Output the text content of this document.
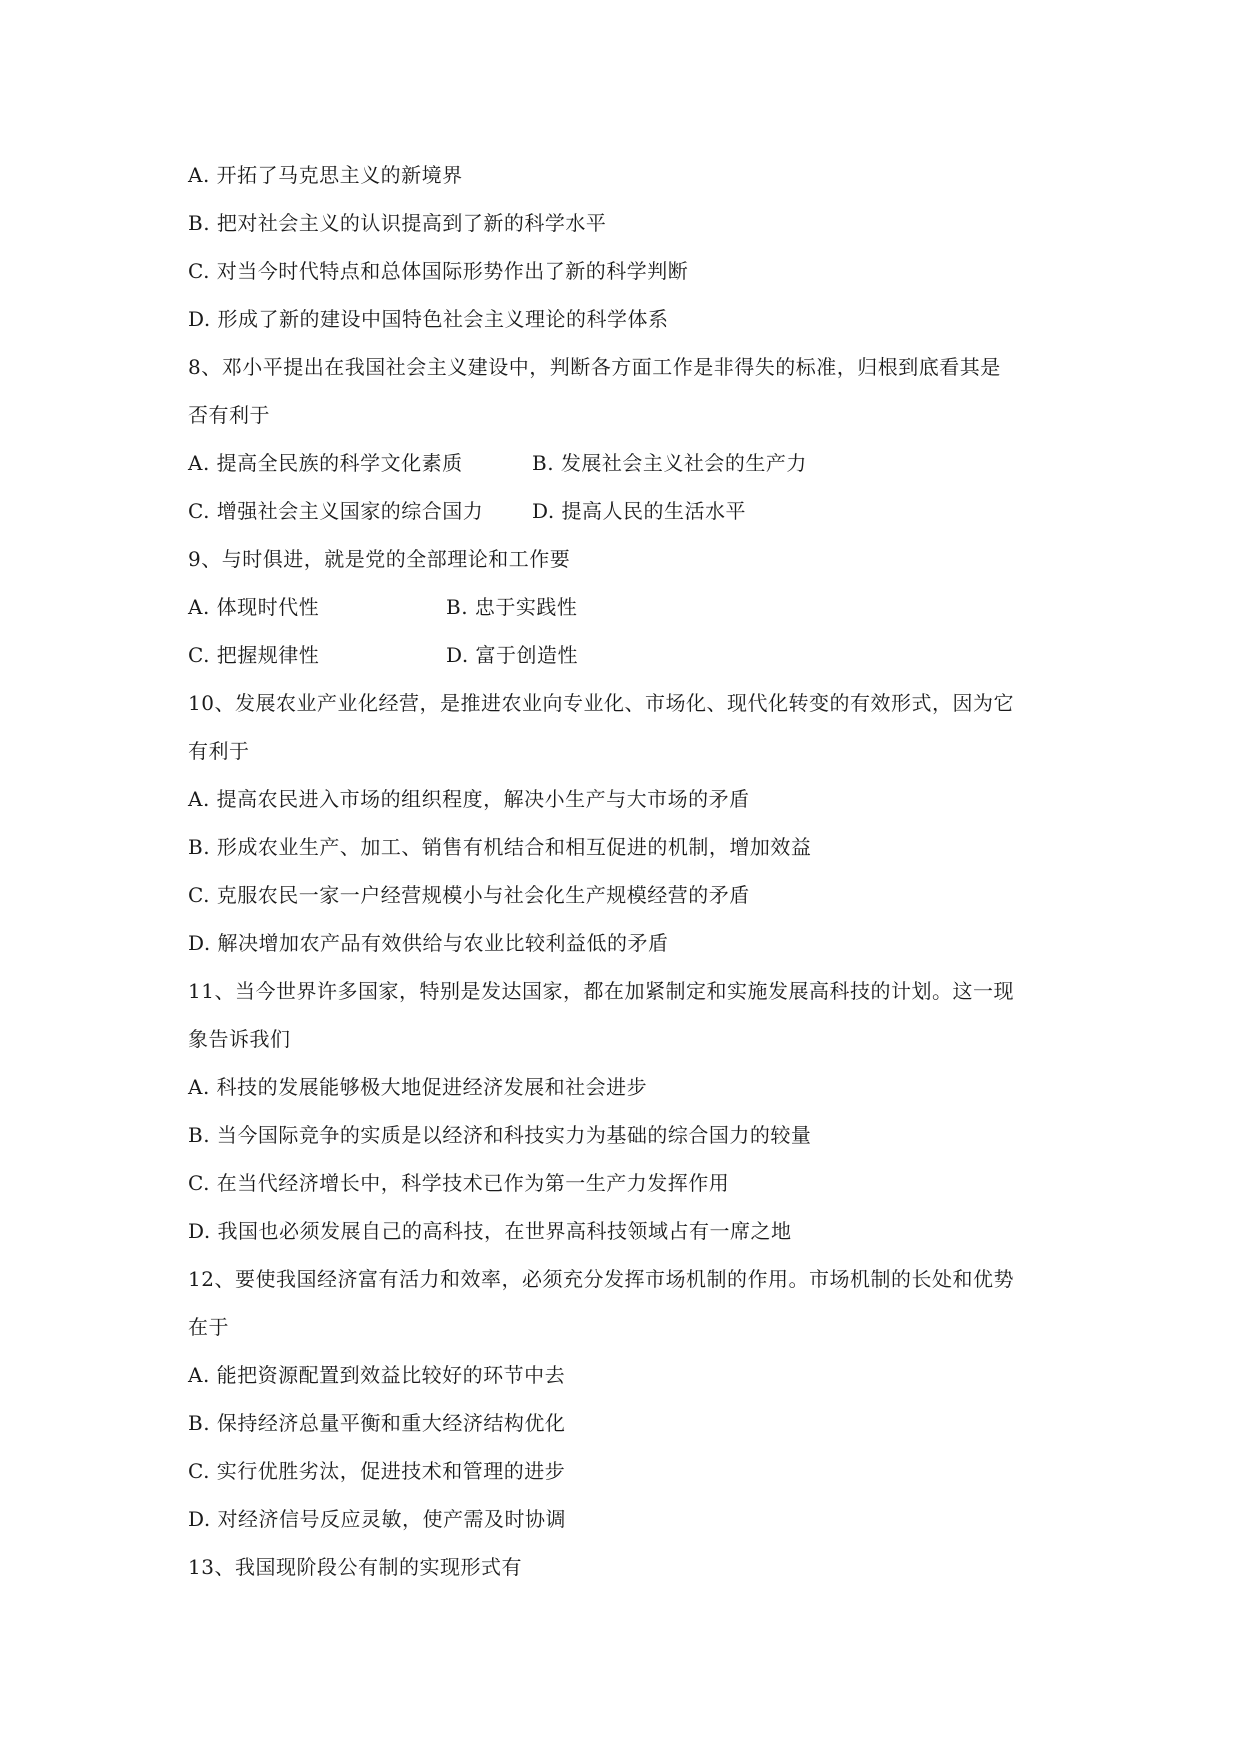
A. 开拓了马克思主义的新境界
B. 把对社会主义的认识提高到了新的科学水平
C. 对当今时代特点和总体国际形势作出了新的科学判断
D. 形成了新的建设中国特色社会主义理论的科学体系
8、邓小平提出在我国社会主义建设中，判断各方面工作是非得失的标准，归根到底看其是
否有利于
A. 提高全民族的科学文化素质	B. 发展社会主义社会的生产力
C. 增强社会主义国家的综合国力 D. 提高人民的生活水平
9、与时俱进，就是党的全部理论和工作要
A. 体现时代性	B. 忠于实践性
C. 把握规律性	D. 富于创造性
10、发展农业产业化经营，是推进农业向专业化、市场化、现代化转变的有效形式，因为它
有利于
A. 提高农民进入市场的组织程度，解决小生产与大市场的矛盾
B. 形成农业生产、加工、销售有机结合和相互促进的机制，增加效益
C. 克服农民一家一户经营规模小与社会化生产规模经营的矛盾
D. 解决增加农产品有效供给与农业比较利益低的矛盾
11、当今世界许多国家，特别是发达国家，都在加紧制定和实施发展高科技的计划。这一现
象告诉我们
A. 科技的发展能够极大地促进经济发展和社会进步
B. 当今国际竞争的实质是以经济和科技实力为基础的综合国力的较量
C. 在当代经济增长中，科学技术已作为第一生产力发挥作用
D. 我国也必须发展自己的高科技，在世界高科技领域占有一席之地
12、要使我国经济富有活力和效率，必须充分发挥市场机制的作用。市场机制的长处和优势
在于
A. 能把资源配置到效益比较好的环节中去
B. 保持经济总量平衡和重大经济结构优化
C. 实行优胜劣汰，促进技术和管理的进步
D. 对经济信号反应灵敏，使产需及时协调
13、我国现阶段公有制的实现形式有
